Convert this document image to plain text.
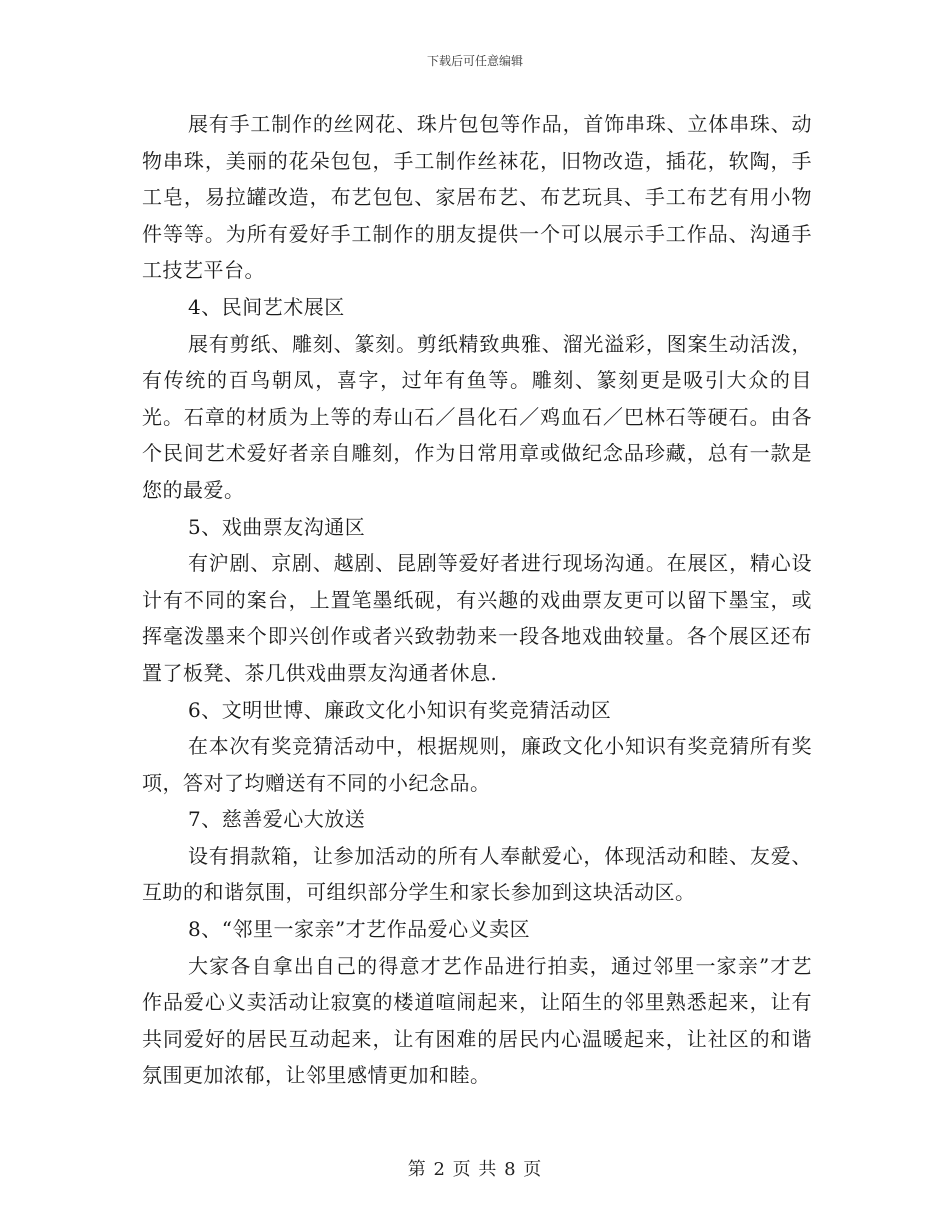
下载后可任意编辑

展有手工制作的丝网花、珠片包包等作品，首饰串珠、立体串珠、动物串珠，美丽的花朵包包，手工制作丝袜花，旧物改造，插花，软陶，手工皂，易拉罐改造，布艺包包、家居布艺、布艺玩具、手工布艺有用小物件等等。为所有爱好手工制作的朋友提供一个可以展示手工作品、沟通手工技艺平台。

4、民间艺术展区

展有剪纸、雕刻、篆刻。剪纸精致典雅、溜光溢彩，图案生动活泼，有传统的百鸟朝凤，喜字，过年有鱼等。雕刻、篆刻更是吸引大众的目光。石章的材质为上等的寿山石／昌化石／鸡血石／巴林石等硬石。由各个民间艺术爱好者亲自雕刻，作为日常用章或做纪念品珍藏，总有一款是您的最爱。

5、戏曲票友沟通区

有沪剧、京剧、越剧、昆剧等爱好者进行现场沟通。在展区，精心设计有不同的案台，上置笔墨纸砚，有兴趣的戏曲票友更可以留下墨宝，或挥毫泼墨来个即兴创作或者兴致勃勃来一段各地戏曲较量。各个展区还布置了板凳、茶几供戏曲票友沟通者休息.

6、文明世博、廉政文化小知识有奖竞猜活动区

在本次有奖竞猜活动中，根据规则，廉政文化小知识有奖竞猜所有奖项，答对了均赠送有不同的小纪念品。

7、慈善爱心大放送

设有捐款箱，让参加活动的所有人奉献爱心，体现活动和睦、友爱、互助的和谐氛围，可组织部分学生和家长参加到这块活动区。

8、“邻里一家亲”才艺作品爱心义卖区

大家各自拿出自己的得意才艺作品进行拍卖，通过邻里一家亲”才艺作品爱心义卖活动让寂寞的楼道喧闹起来，让陌生的邻里熟悉起来，让有共同爱好的居民互动起来，让有困难的居民内心温暖起来，让社区的和谐氛围更加浓郁，让邻里感情更加和睦。

第 2 页 共 8 页
